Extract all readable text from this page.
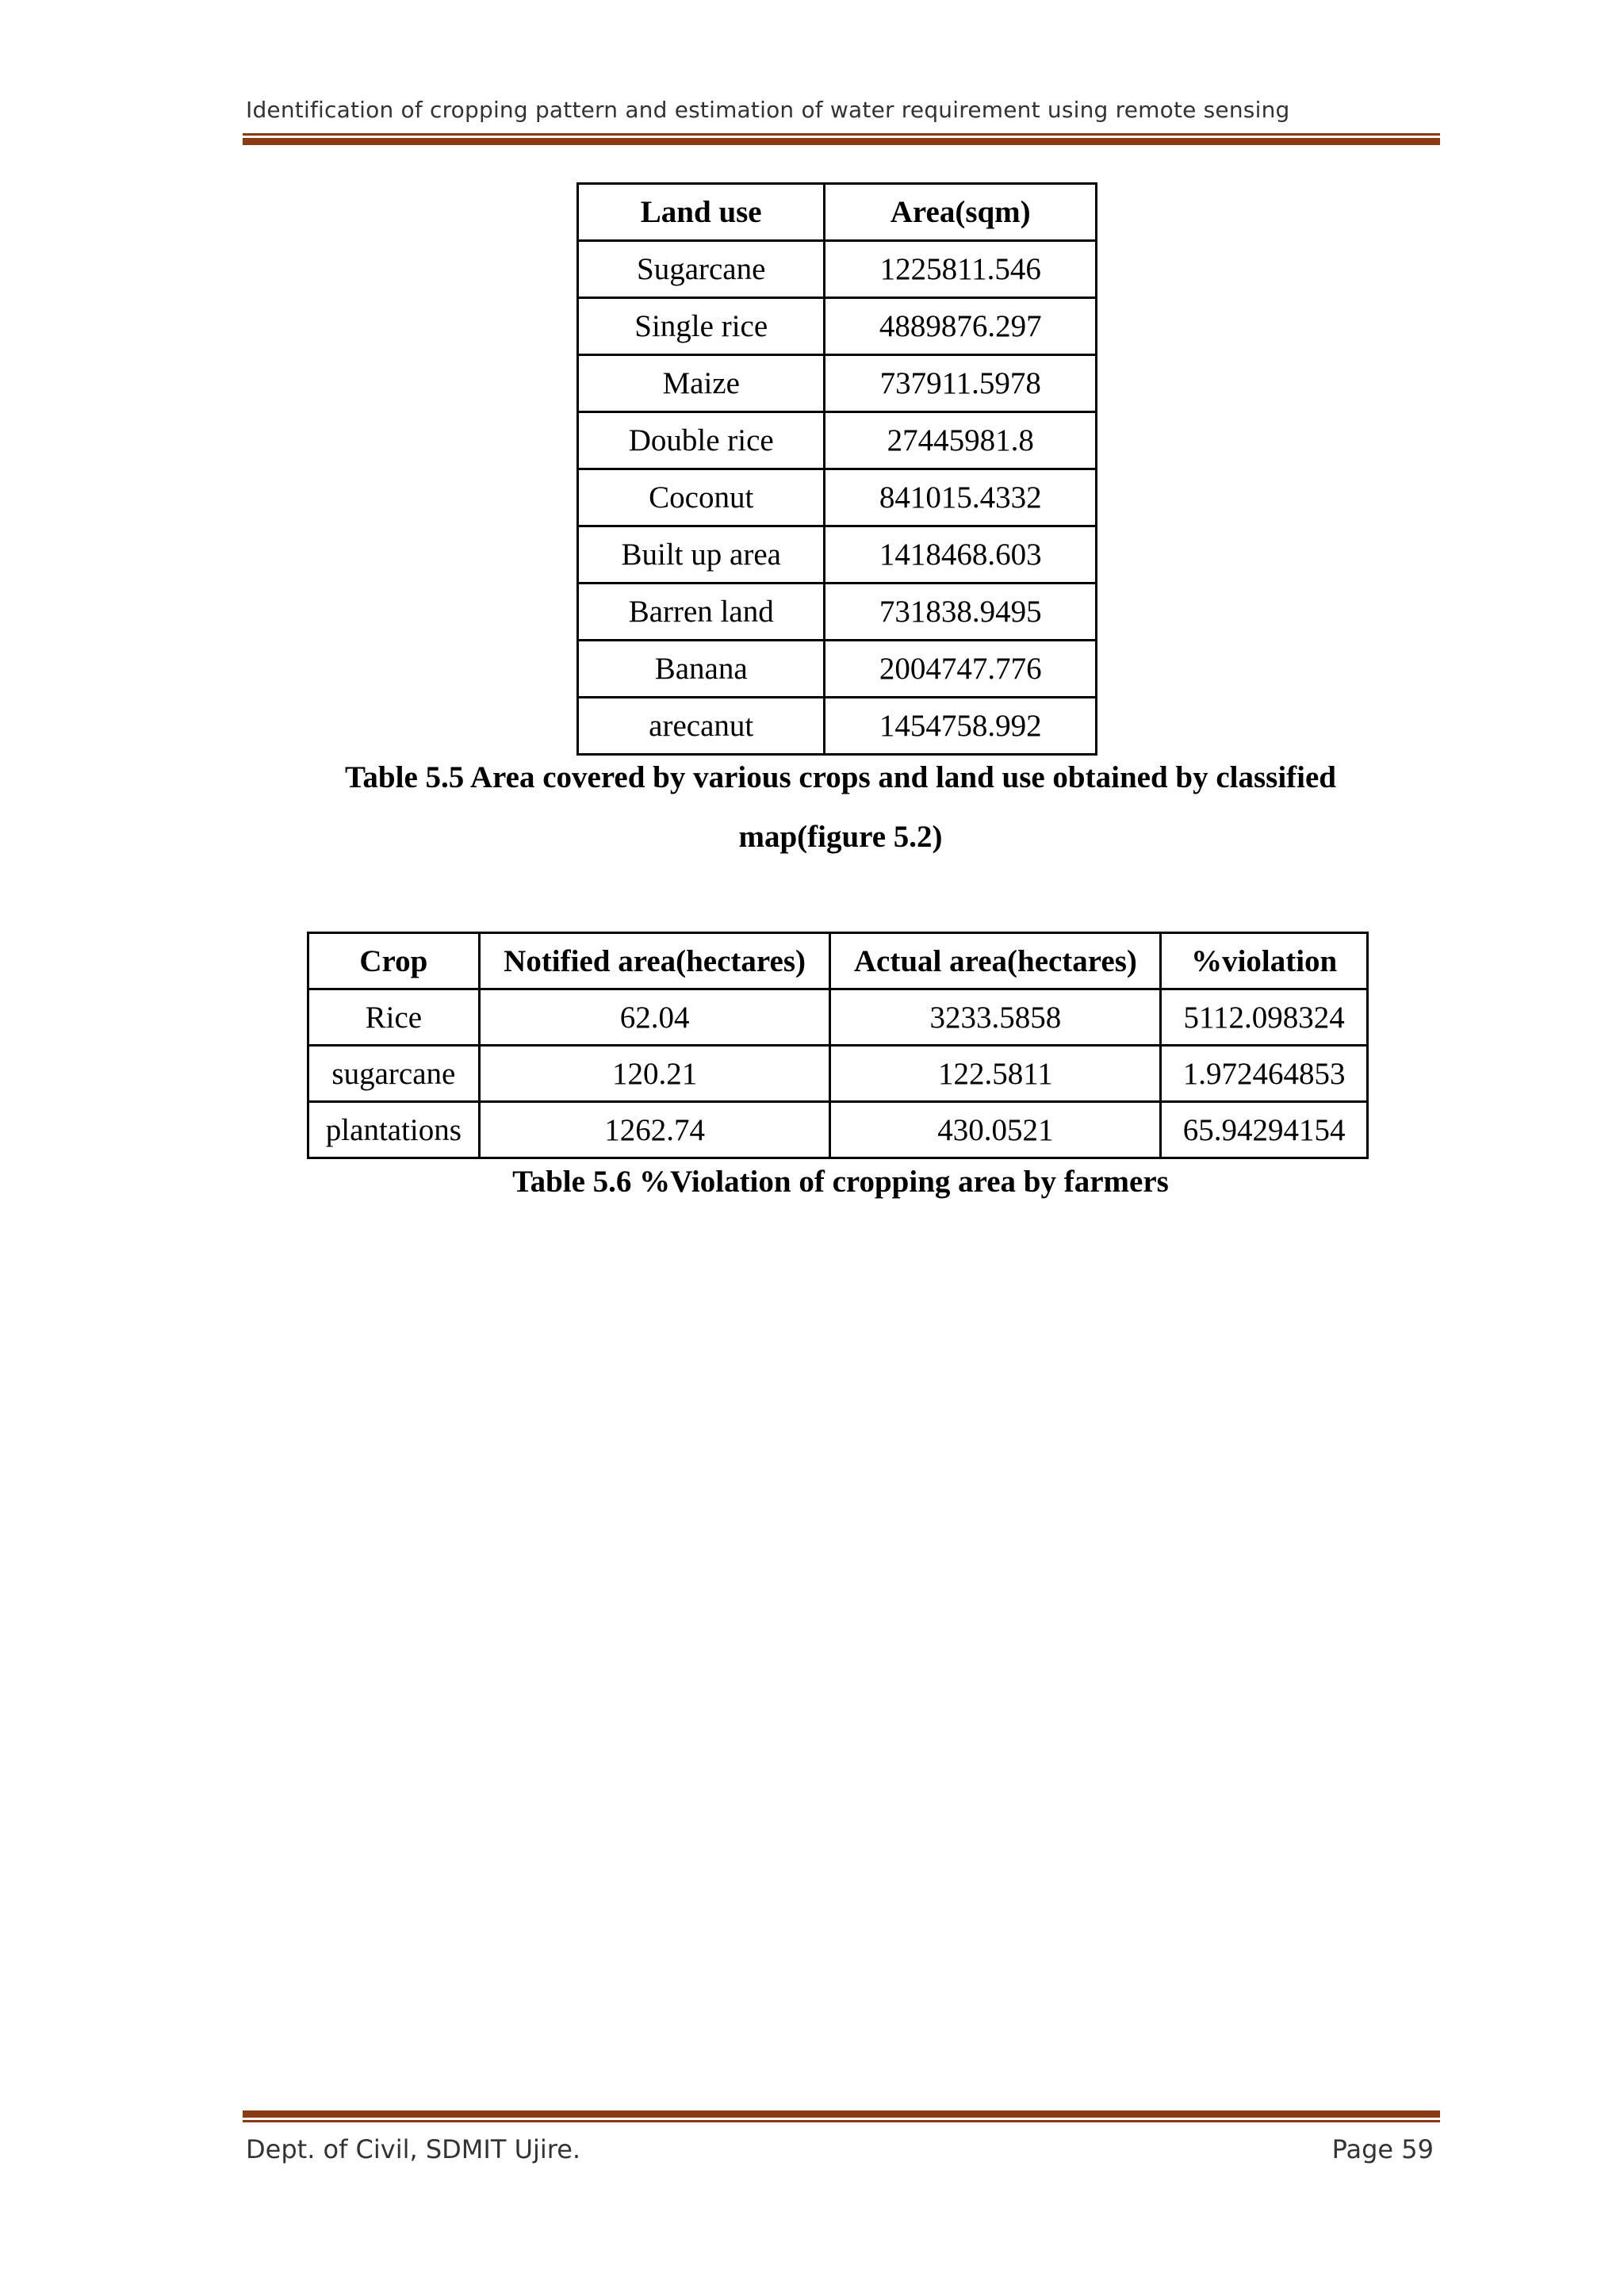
Identification of cropping pattern and estimation of water requirement using remote sensing
Land use	Area(sqm)
Sugarcane	1225811.546
Single rice	4889876.297
Maize	737911.5978
Double rice	27445981.8
Coconut	841015.4332
Built up area	1418468.603
Barren land	731838.9495
Banana	2004747.776
arecanut	1454758.992
Table 5.5 Area covered by various crops and land use obtained by classified
map(figure 5.2)
Crop	Notified area(hectares)	Actual area(hectares)	%violation
Rice	62.04	3233.5858	5112.098324
sugarcane	120.21	122.5811	1.972464853
plantations	1262.74	430.0521	65.94294154
Table 5.6 %Violation of cropping area by farmers
Dept. of Civil, SDMIT Ujire.	Page 59
